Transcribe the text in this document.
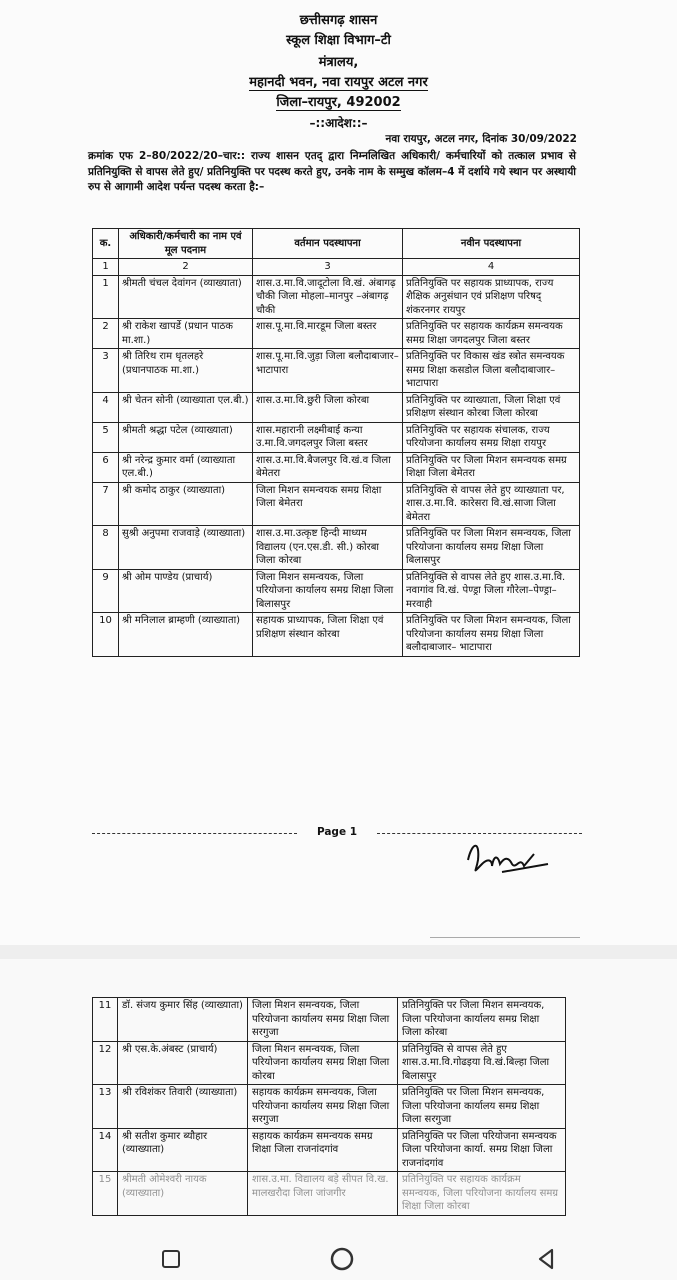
छत्तीसगढ़ शासन
स्कूल शिक्षा विभाग–टी
मंत्रालय,
महानदी भवन, नवा रायपुर अटल नगर
जिला–रायपुर, 492002
–::आदेश::–
नवा रायपुर, अटल नगर, दिनांक 30/09/2022
क्रमांक एफ 2–80/2022/20–चार:: राज्य शासन एतद् द्वारा निम्नलिखित अधिकारी/ कर्मचारियों को तत्काल प्रभाव से प्रतिनियुक्ति से वापस लेते हुए/ प्रतिनियुक्ति पर पदस्थ करते हुए, उनके नाम के सम्मुख कॉलम–4 में दर्शाये गये स्थान पर अस्थायी रुप से आगामी आदेश पर्यन्त पदस्थ करता है:–
क.	अधिकारी/कर्मचारी का नाम एवं मूल पदनाम	वर्तमान पदस्थापना	नवीन पदस्थापना
1	2	3	4
1	श्रीमती चंचल देवांगन (व्याख्याता)	शास.उ.मा.वि.जादूटोला वि.खं. अंबागढ़ चौकी जिला मोहला–मानपुर –अंबागढ़ चौकी	प्रतिनियुक्ति पर सहायक प्राध्यापक, राज्य शैक्षिक अनुसंधान एवं प्रशिक्षण परिषद् शंकरनगर रायपुर
2	श्री राकेश खापर्डे (प्रधान पाठक मा.शा.)	शास.पू.मा.वि.मारडूम जिला बस्तर	प्रतिनियुक्ति पर सहायक कार्यक्रम समन्वयक समग्र शिक्षा जगदलपुर जिला बस्तर
3	श्री तिरिथ राम धृतलहरे (प्रधानपाठक मा.शा.)	शास.पू.मा.वि.जुड़ा जिला बलौदाबाजार– भाटापारा	प्रतिनियुक्ति पर विकास खंड स्त्रोत समन्वयक समग्र शिक्षा कसडोल जिला बलौदाबाजार– भाटापारा
4	श्री चेतन सोनी (व्याख्याता एल.बी.)	शास.उ.मा.वि.छुरी जिला कोरबा	प्रतिनियुक्ति पर व्याख्याता, जिला शिक्षा एवं प्रशिक्षण संस्थान कोरबा जिला कोरबा
5	श्रीमती श्रद्धा पटेल (व्याख्याता)	शास.महारानी लक्ष्मीबाई कन्या उ.मा.वि.जगदलपुर जिला बस्तर	प्रतिनियुक्ति पर सहायक संचालक, राज्य परियोजना कार्यालय समग्र शिक्षा रायपुर
6	श्री नरेन्द्र कुमार वर्मा (व्याख्याता एल.बी.)	शास.उ.मा.वि.बैजलपुर वि.खं.व जिला बेमेतरा	प्रतिनियुक्ति पर जिला मिशन समन्वयक समग्र शिक्षा जिला बेमेतरा
7	श्री कमोद ठाकुर (व्याख्याता)	जिला मिशन समन्वयक समग्र शिक्षा जिला बेमेतरा	प्रतिनियुक्ति से वापस लेते हुए व्याख्याता पर, शास.उ.मा.वि. कारेसरा वि.खं.साजा जिला बेमेतरा
8	सुश्री अनुपमा राजवाड़े (व्याख्याता)	शास.उ.मा.उत्कृष्ट हिन्दी माध्यम विद्यालय (एन.एस.डी. सी.) कोरबा जिला कोरबा	प्रतिनियुक्ति पर जिला मिशन समन्वयक, जिला परियोजना कार्यालय समग्र शिक्षा जिला बिलासपुर
9	श्री ओम पाण्डेय (प्राचार्य)	जिला मिशन समन्वयक, जिला परियोजना कार्यालय समग्र शिक्षा जिला बिलासपुर	प्रतिनियुक्ति से वापस लेते हुए शास.उ.मा.वि. नवागांव वि.खं. पेण्ड्रा जिला गौरेला–पेण्ड्रा– मरवाही
10	श्री मनिलाल ब्राम्हणी (व्याख्याता)	सहायक प्राध्यापक, जिला शिक्षा एवं प्रशिक्षण संस्थान कोरबा	प्रतिनियुक्ति पर जिला मिशन समन्वयक, जिला परियोजना कार्यालय समग्र शिक्षा जिला बलौदाबाजार– भाटापारा
Page 1
11	डॉ. संजय कुमार सिंह (व्याख्याता)	जिला मिशन समन्वयक, जिला परियोजना कार्यालय समग्र शिक्षा जिला सरगुजा	प्रतिनियुक्ति पर जिला मिशन समन्वयक, जिला परियोजना कार्यालय समग्र शिक्षा जिला कोरबा
12	श्री एस.के.अंबस्ट (प्राचार्य)	जिला मिशन समन्वयक, जिला परियोजना कार्यालय समग्र शिक्षा जिला कोरबा	प्रतिनियुक्ति से वापस लेते हुए शास.उ.मा.वि.गोढइया वि.खं.बिल्हा जिला बिलासपुर
13	श्री रविशंकर तिवारी (व्याख्याता)	सहायक कार्यक्रम समन्वयक, जिला परियोजना कार्यालय समग्र शिक्षा जिला सरगुजा	प्रतिनियुक्ति पर जिला मिशन समन्वयक, जिला परियोजना कार्यालय समग्र शिक्षा जिला सरगुजा
14	श्री सतीश कुमार ब्यौहार (व्याख्याता)	सहायक कार्यक्रम समन्वयक समग्र शिक्षा जिला राजनांदगांव	प्रतिनियुक्ति पर जिला परियोजना समन्वयक जिला परियोजना कार्या. समग्र शिक्षा जिला राजनांदगांव
15	श्रीमती ओमेश्वरी नायक (व्याख्याता)	शास.उ.मा. विद्यालय बड़े सीपत वि.ख. मालखरौदा जिला जांजगीर	प्रतिनियुक्ति पर सहायक कार्यक्रम समन्वयक, जिला परियोजना कार्यालय समग्र शिक्षा जिला कोरबा
